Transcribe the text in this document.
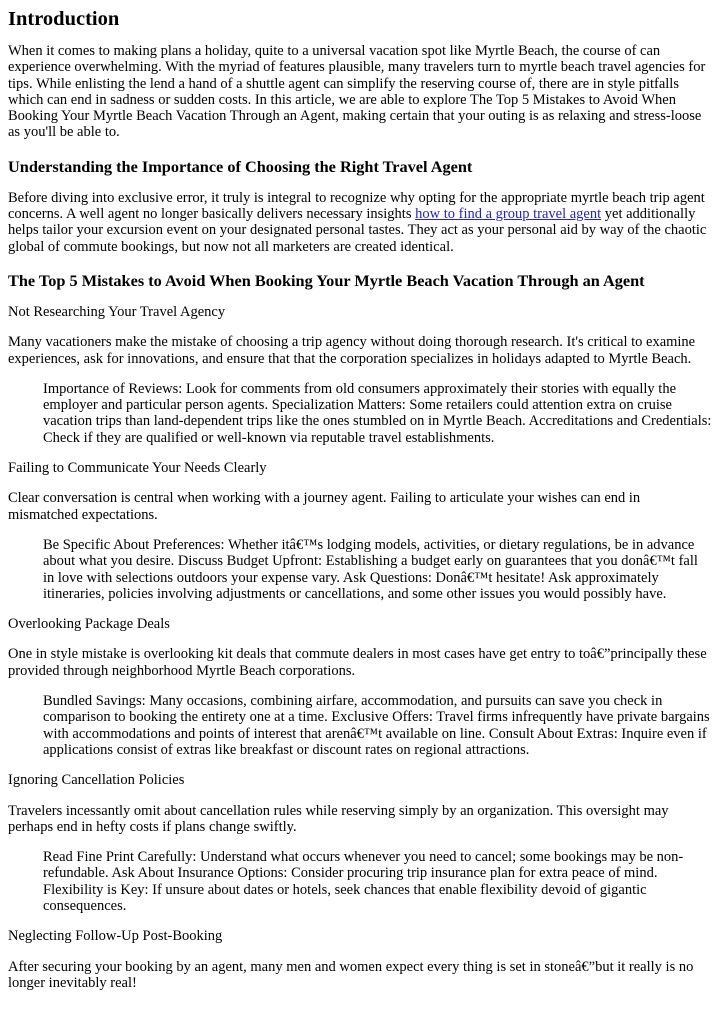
Introduction

When it comes to making plans a holiday, quite to a universal vacation spot like Myrtle Beach, the course of can experience overwhelming. With the myriad of features plausible, many travelers turn to myrtle beach travel agencies for tips. While enlisting the lend a hand of a shuttle agent can simplify the reserving course of, there are in style pitfalls which can end in sadness or sudden costs. In this article, we are able to explore The Top 5 Mistakes to Avoid When Booking Your Myrtle Beach Vacation Through an Agent, making certain that your outing is as relaxing and stress-loose as you'll be able to.

Understanding the Importance of Choosing the Right Travel Agent

Before diving into exclusive error, it truly is integral to recognize why opting for the appropriate myrtle beach trip agent concerns. A well agent no longer basically delivers necessary insights how to find a group travel agent yet additionally helps tailor your excursion event on your designated personal tastes. They act as your personal aid by way of the chaotic global of commute bookings, but now not all marketers are created identical.

The Top 5 Mistakes to Avoid When Booking Your Myrtle Beach Vacation Through an Agent
Not Researching Your Travel Agency

Many vacationers make the mistake of choosing a trip agency without doing thorough research. It's critical to examine experiences, ask for innovations, and ensure that that the corporation specializes in holidays adapted to Myrtle Beach.

Importance of Reviews: Look for comments from old consumers approximately their stories with equally the employer and particular person agents. Specialization Matters: Some retailers could attention extra on cruise vacation trips than land-dependent trips like the ones stumbled on in Myrtle Beach. Accreditations and Credentials: Check if they are qualified or well-known via reputable travel establishments.
Failing to Communicate Your Needs Clearly

Clear conversation is central when working with a journey agent. Failing to articulate your wishes can end in mismatched expectations.

Be Specific About Preferences: Whether itâ€™s lodging models, activities, or dietary regulations, be in advance about what you desire. Discuss Budget Upfront: Establishing a budget early on guarantees that you donâ€™t fall in love with selections outdoors your expense vary. Ask Questions: Donâ€™t hesitate! Ask approximately itineraries, policies involving adjustments or cancellations, and some other issues you would possibly have.
Overlooking Package Deals

One in style mistake is overlooking kit deals that commute dealers in most cases have get entry to toâ€”principally these provided through neighborhood Myrtle Beach corporations.

Bundled Savings: Many occasions, combining airfare, accommodation, and pursuits can save you check in comparison to booking the entirety one at a time. Exclusive Offers: Travel firms infrequently have private bargains with accommodations and points of interest that arenâ€™t available on line. Consult About Extras: Inquire even if applications consist of extras like breakfast or discount rates on regional attractions.
Ignoring Cancellation Policies

Travelers incessantly omit about cancellation rules while reserving simply by an organization. This oversight may perhaps end in hefty costs if plans change swiftly.

Read Fine Print Carefully: Understand what occurs whenever you need to cancel; some bookings may be non-refundable. Ask About Insurance Options: Consider procuring trip insurance plan for extra peace of mind. Flexibility is Key: If unsure about dates or hotels, seek chances that enable flexibility devoid of gigantic consequences.
Neglecting Follow-Up Post-Booking

After securing your booking by an agent, many men and women expect every thing is set in stoneâ€”but it really is no longer inevitably real!
